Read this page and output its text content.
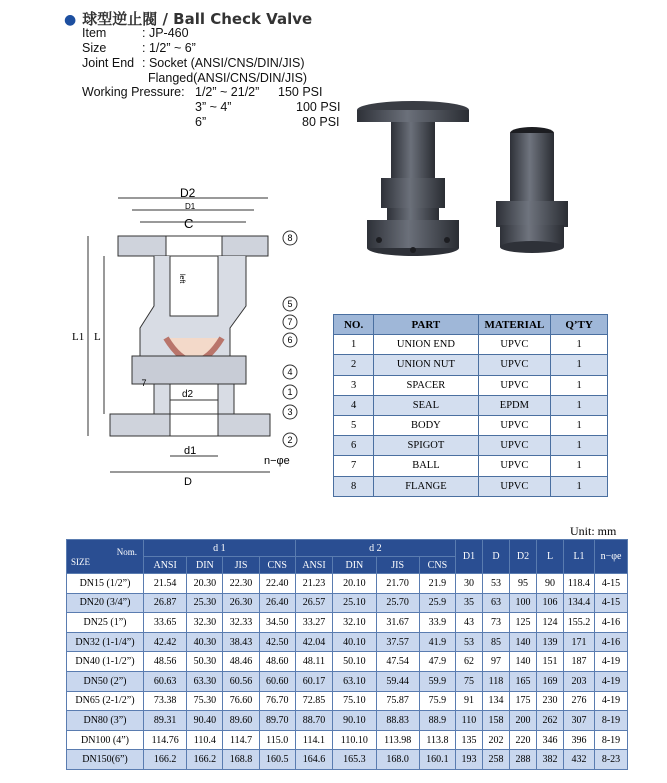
● 球型逆止閥 / Ball Check Valve
Item	: JP-460
Size	: 1/2” ~ 6”
Joint End : Socket (ANSI/CNS/DIN/JIS)
Flanged(ANSI/CNS/DIN/JIS)
Working Pressure: 1/2” ~ 21/2” 150 PSI
3” ~ 4”	100 PSI
6”	80 PSI
D2
D1
C
L1 L
d2
d1
D
n−φe
left
8
5
7
6
4
1
3
2
7
NO.	PART	MATERIAL	Q’TY
1	UNION END	UPVC	1
2	UNION NUT	UPVC	1
3	SPACER	UPVC	1
4	SEAL	EPDM	1
5	BODY	UPVC	1
6	SPIGOT	UPVC	1
7	BALL	UPVC	1
8	FLANGE	UPVC	1
Unit: mm
Nom.
SIZE	d 1				d 2				D1	D	D2	L	L1	n−φe
	ANSI	DIN	JIS	CNS	ANSI	DIN	JIS	CNS						
DN15 (1/2”)	21.54	20.30	22.30	22.40	21.23	20.10	21.70	21.9	30	53	95	90	118.4	4-15
DN20 (3/4”)	26.87	25.30	26.30	26.40	26.57	25.10	25.70	25.9	35	63	100	106	134.4	4-15
DN25 (1”)	33.65	32.30	32.33	34.50	33.27	32.10	31.67	33.9	43	73	125	124	155.2	4-16
DN32 (1-1/4”)	42.42	40.30	38.43	42.50	42.04	40.10	37.57	41.9	53	85	140	139	171	4-16
DN40 (1-1/2”)	48.56	50.30	48.46	48.60	48.11	50.10	47.54	47.9	62	97	140	151	187	4-19
DN50 (2”)	60.63	63.30	60.56	60.60	60.17	63.10	59.44	59.9	75	118	165	169	203	4-19
DN65 (2-1/2”)	73.38	75.30	76.60	76.70	72.85	75.10	75.87	75.9	91	134	175	230	276	4-19
DN80 (3”)	89.31	90.40	89.60	89.70	88.70	90.10	88.83	88.9	110	158	200	262	307	8-19
DN100 (4”)	114.76	110.4	114.7	115.0	114.1	110.10	113.98	113.8	135	202	220	346	396	8-19
DN150(6”)	166.2	166.2	168.8	160.5	164.6	165.3	168.0	160.1	193	258	288	382	432	8-23
